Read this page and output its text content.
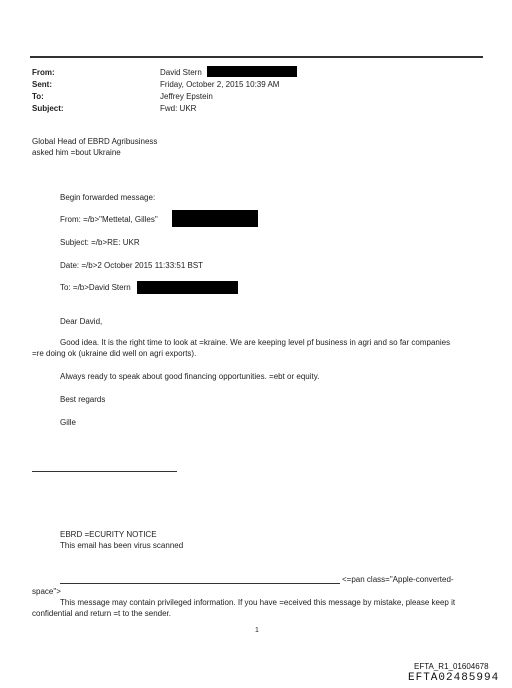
From:
Sent:
To:
Subject:
David Stern
Friday, October 2, 2015 10:39 AM
Jeffrey Epstein
Fwd: UKR
Global Head of EBRD Agribusiness
asked him =bout Ukraine
Begin forwarded message:
From: =/b>"Mettetal, Gilles"
Subject: =/b>RE: UKR
Date: =/b>2 October 2015 11:33:51 BST
To: =/b>David Stern
Dear David,
Good idea. It is the right time to look at =kraine. We are keeping level pf business in agri and so far companies
=re doing ok (ukraine did well on agri exports).
Always ready to speak about good financing opportunities. =ebt or equity.
Best regards
Gille
EBRD =ECURITY NOTICE
This email has been virus scanned
<=pan class="Apple-converted-
space">
This message may contain privileged information. If you have =eceived this message by mistake, please keep it
confidential and return =t to the sender.
1
EFTA_R1_01604678
EFTA02485994
